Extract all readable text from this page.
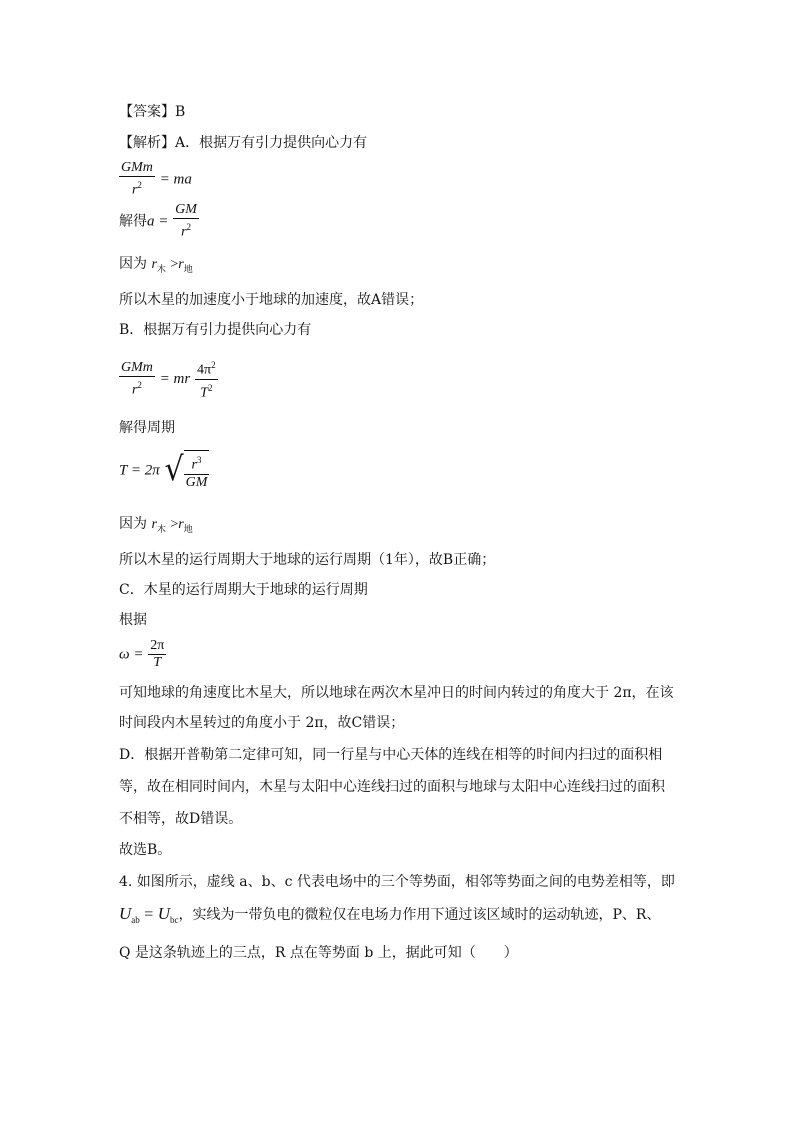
【答案】B
【解析】A．根据万有引力提供向心力有
$\frac{\text{GMm}}{r^2}$ = ma
解得$a = \frac{GM}{r^2}$
因为 $r_木 >r_地$
所以木星的加速度小于地球的加速度，故A错误；
B．根据万有引力提供向心力有
$\frac{\text{GMm}}{r^2}$ = mr $\frac{4\pi^2}{T^2}$
解得周期
T = 2π √ $\frac{r^3}{GM}$
因为 $r_木 >r_地$
所以木星的运行周期大于地球的运行周期（1年），故B正确；
C．木星的运行周期大于地球的运行周期
根据
$\omega = \frac{2\pi}{T}$
可知地球的角速度比木星大，所以地球在两次木星冲日的时间内转过的角度大于 2π，在该
时间段内木星转过的角度小于 2π，故C错误；
D．根据开普勒第二定律可知，同一行星与中心天体的连线在相等的时间内扫过的面积相
等，故在相同时间内，木星与太阳中心连线扫过的面积与地球与太阳中心连线扫过的面积
不相等，故D错误。
故选B。
4. 如图所示，虚线 a、b、c 代表电场中的三个等势面，相邻等势面之间的电势差相等，即
$U_{ab} = U_{bc}$，实线为一带负电的微粒仅在电场力作用下通过该区域时的运动轨迹，P、R、
Q 是这条轨迹上的三点，R 点在等势面 b 上，据此可知（　　）
